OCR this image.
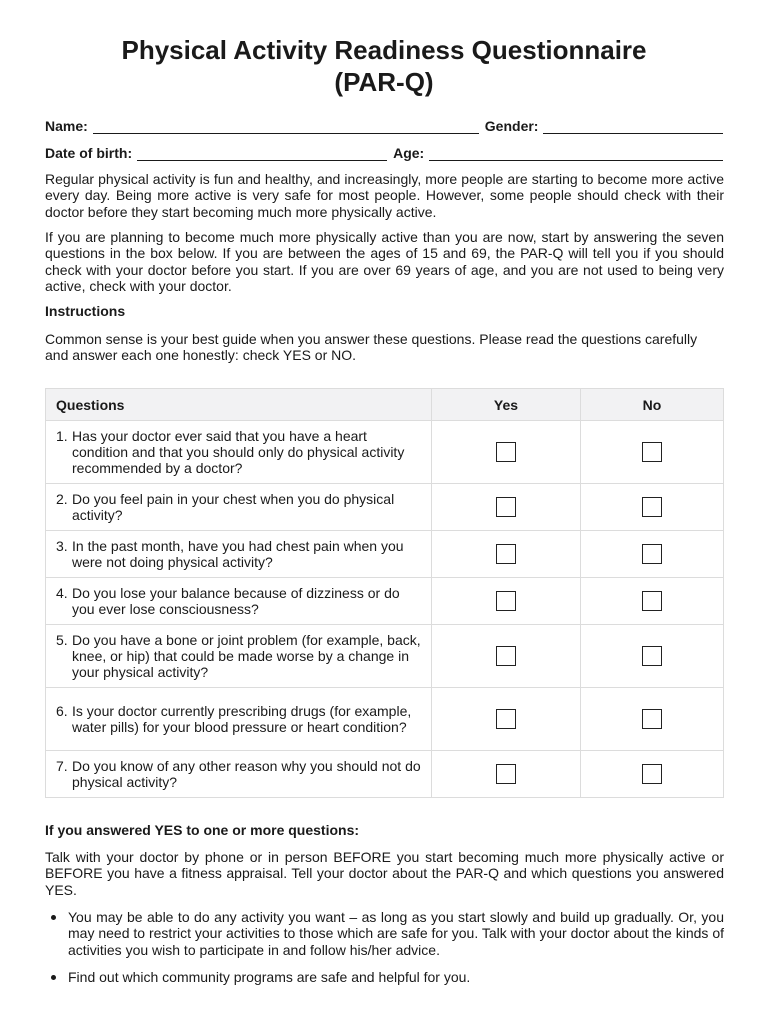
Physical Activity Readiness Questionnaire
(PAR-Q)
Name:	Gender:
Date of birth:	Age:

Regular physical activity is fun and healthy, and increasingly, more people are starting to become more active every day. Being more active is very safe for most people. However, some people should check with their doctor before they start becoming much more physically active.

If you are planning to become much more physically active than you are now, start by answering the seven questions in the box below. If you are between the ages of 15 and 69, the PAR-Q will tell you if you should check with your doctor before you start. If you are over 69 years of age, and you are not used to being very active, check with your doctor.

Instructions

Common sense is your best guide when you answer these questions. Please read the questions carefully and answer each one honestly: check YES or NO.

Questions	Yes	No

1. Has your doctor ever said that you have a heart condition and that you should only do physical activity recommended by a doctor?		

2. Do you feel pain in your chest when you do physical activity?		

3. In the past month, have you had chest pain when you were not doing physical activity?		

4. Do you lose your balance because of dizziness or do you ever lose consciousness?		

5. Do you have a bone or joint problem (for example, back, knee, or hip) that could be made worse by a change in your physical activity?		

6. Is your doctor currently prescribing drugs (for example, water pills) for your blood pressure or heart condition?		

7. Do you know of any other reason why you should not do physical activity?		

If you answered YES to one or more questions:

Talk with your doctor by phone or in person BEFORE you start becoming much more physically active or BEFORE you have a fitness appraisal. Tell your doctor about the PAR-Q and which questions you answered YES.

You may be able to do any activity you want – as long as you start slowly and build up gradually. Or, you may need to restrict your activities to those which are safe for you. Talk with your doctor about the kinds of activities you wish to participate in and follow his/her advice.
Find out which community programs are safe and helpful for you.
